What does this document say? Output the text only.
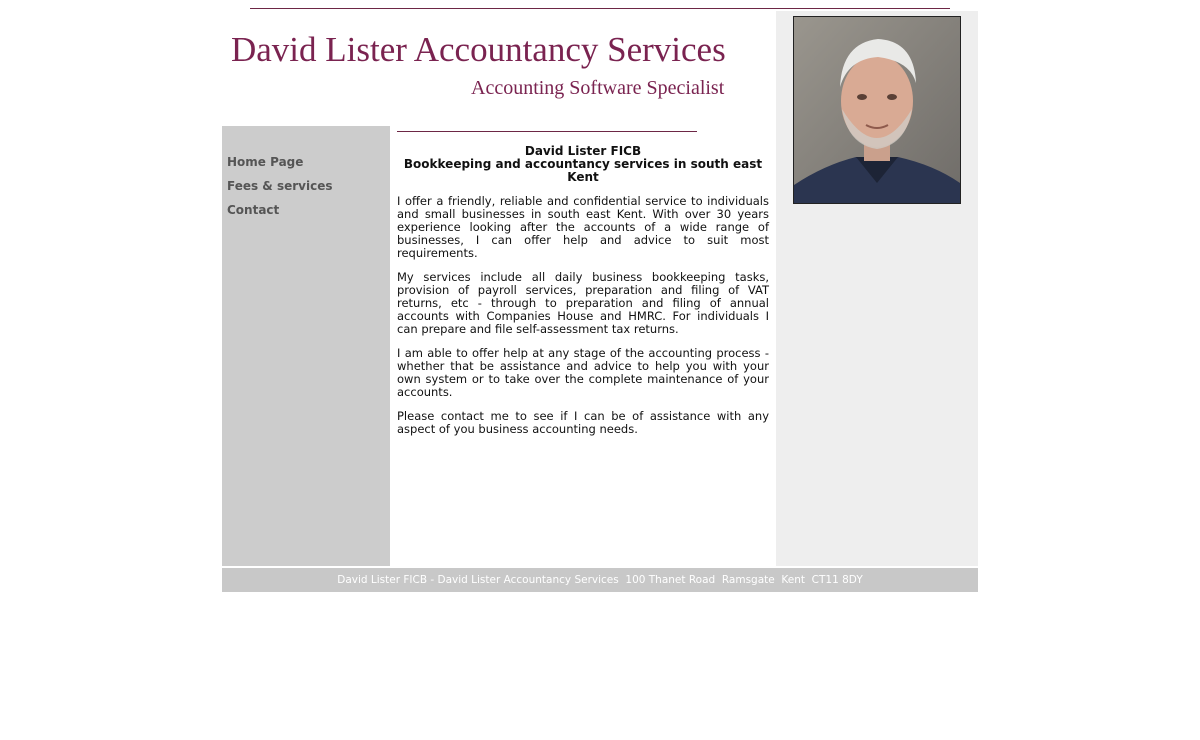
David Lister Accountancy Services
Accounting Software Specialist
Home Page
Fees & services
Contact
David Lister FICB
Bookkeeping and accountancy services in south east Kent

I offer a friendly, reliable and confidential service to individuals and small businesses in south east Kent. With over 30 years experience looking after the accounts of a wide range of businesses, I can offer help and advice to suit most requirements.

My services include all daily business bookkeeping tasks, provision of payroll services, preparation and filing of VAT returns, etc - through to preparation and filing of annual accounts with Companies House and HMRC. For individuals I can prepare and file self-assessment tax returns.

I am able to offer help at any stage of the accounting process - whether that be assistance and advice to help you with your own system or to take over the complete maintenance of your accounts.

Please contact me to see if I can be of assistance with any aspect of you business accounting needs.

David Lister FICB - David Lister Accountancy Services  100 Thanet Road  Ramsgate  Kent  CT11 8DY
